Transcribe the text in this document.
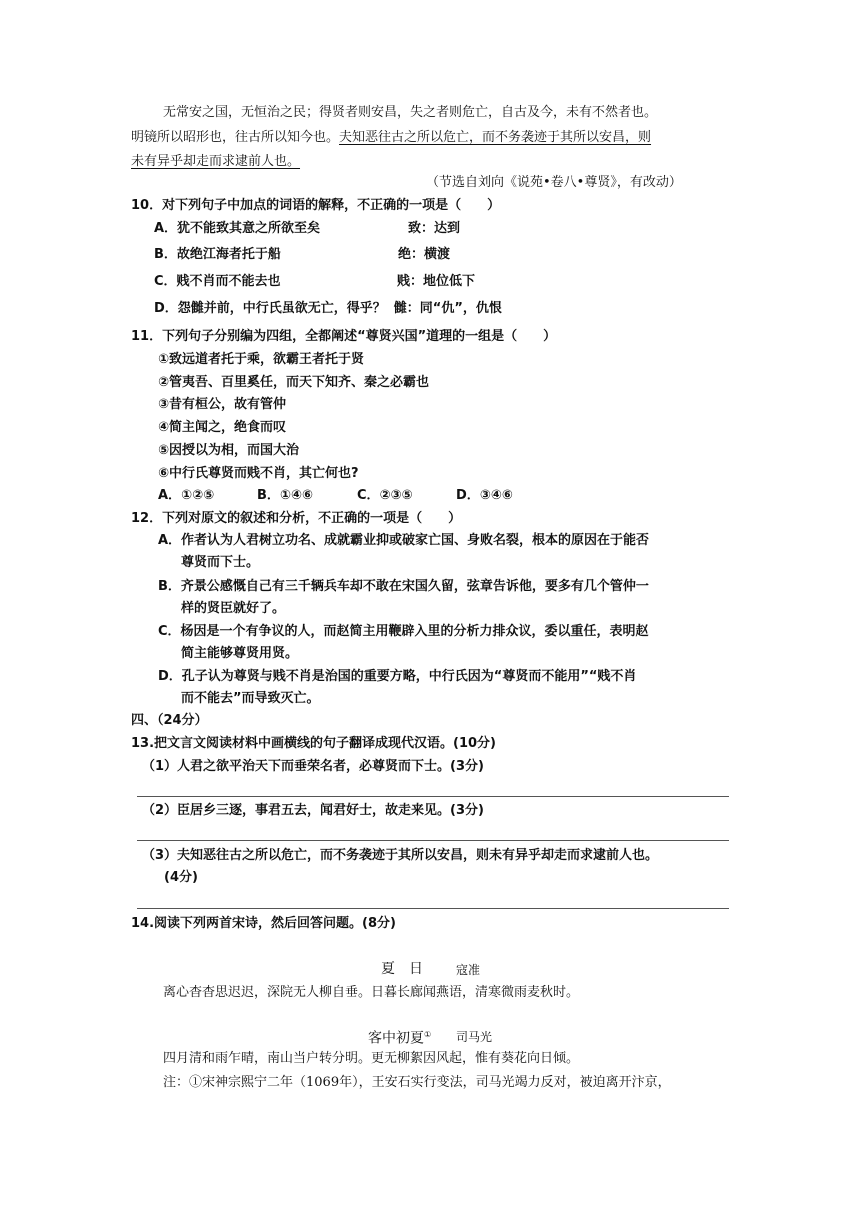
无常安之国，无恒治之民；得贤者则安昌，失之者则危亡，自古及今，未有不然者也。
明镜所以昭形也，往古所以知今也。夫知恶往古之所以危亡，而不务袭迹于其所以安昌，则
未有异乎却走而求逮前人也。
（节选自刘向《说苑•卷八•尊贤》，有改动）
10．对下列句子中加点的词语的解释，不正确的一项是（　　）
A．犹不能致其意之所欲至矣	致：达到
B．故绝江海者托于船	绝：横渡
C．贱不肖而不能去也	贱：地位低下
D．怨雠并前，中行氏虽欲无亡，得乎？ 雠：同“仇”，仇恨
11．下列句子分别编为四组，全都阐述“尊贤兴国”道理的一组是（　　）
①致远道者托于乘，欲霸王者托于贤
②管夷吾、百里奚任，而天下知齐、秦之必霸也
③昔有桓公，故有管仲
④简主闻之，绝食而叹
⑤因授以为相，而国大治
⑥中行氏尊贤而贱不肖，其亡何也?
A．①②⑤	B．①④⑥	C．②③⑤	D．③④⑥
12．下列对原文的叙述和分析，不正确的一项是（　　）
A．作者认为人君树立功名、成就霸业抑或破家亡国、身败名裂，根本的原因在于能否
尊贤而下士。
B．齐景公感慨自己有三千辆兵车却不敢在宋国久留，弦章告诉他，要多有几个管仲一
样的贤臣就好了。
C．杨因是一个有争议的人，而赵简主用鞭辟入里的分析力排众议，委以重任，表明赵
简主能够尊贤用贤。
D．孔子认为尊贤与贱不肖是治国的重要方略，中行氏因为“尊贤而不能用”“贱不肖
而不能去”而导致灭亡。
四、（24分）
13.把文言文阅读材料中画横线的句子翻译成现代汉语。(10分)
（1）人君之欲平治天下而垂荣名者，必尊贤而下士。(3分)
（2）臣居乡三逐，事君五去，闻君好士，故走来见。(3分)
（3）夫知恶往古之所以危亡，而不务袭迹于其所以安昌，则未有异乎却走而求逮前人也。
(4分)
14.阅读下列两首宋诗，然后回答问题。(8分)
夏　日	寇准
离心杳杳思迟迟，深院无人柳自垂。日暮长廊闻燕语，清寒微雨麦秋时。
客中初夏① 司马光
四月清和雨乍晴，南山当户转分明。更无柳絮因风起，惟有葵花向日倾。
注：①宋神宗熙宁二年（1069年），王安石实行变法，司马光竭力反对，被迫离开汴京，
